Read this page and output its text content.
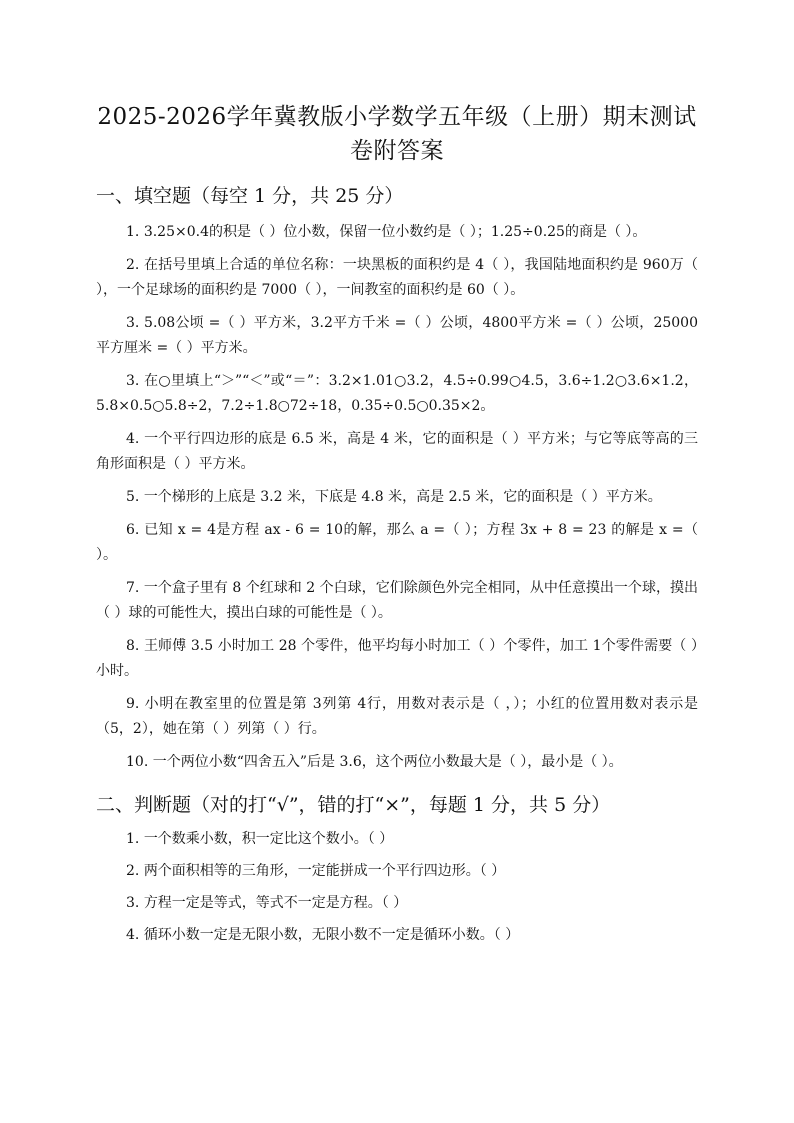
2025-2026学年冀教版小学数学五年级（上册）期末测试
卷附答案
一、填空题（每空 1 分，共 25 分）

1. 3.25×0.4的积是（ ）位小数，保留一位小数约是（ ）；1.25÷0.25的商是（ ）。

2. 在括号里填上合适的单位名称：一块黑板的面积约是 4（ ），我国陆地面积约是 960万（ ），一个足球场的面积约是 7000（ ），一间教室的面积约是 60（ ）。

3. 5.08公顷 =（ ）平方米，3.2平方千米 =（ ）公顷，4800平方米 =（ ）公顷，25000平方厘米 =（ ）平方米。

3. 在○里填上“＞”“＜”或“＝”：3.2×1.01○3.2，4.5÷0.99○4.5，3.6÷1.2○3.6×1.2，5.8×0.5○5.8÷2，7.2÷1.8○72÷18，0.35÷0.5○0.35×2。

4. 一个平行四边形的底是 6.5 米，高是 4 米，它的面积是（ ）平方米；与它等底等高的三角形面积是（ ）平方米。

5. 一个梯形的上底是 3.2 米，下底是 4.8 米，高是 2.5 米，它的面积是（ ）平方米。

6. 已知 x = 4是方程 ax - 6 = 10的解，那么 a =（ ）；方程 3x + 8 = 23 的解是 x =（ ）。

7. 一个盒子里有 8 个红球和 2 个白球，它们除颜色外完全相同，从中任意摸出一个球，摸出（ ）球的可能性大，摸出白球的可能性是（ ）。

8. 王师傅 3.5 小时加工 28 个零件，他平均每小时加工（ ）个零件，加工 1个零件需要（ ）小时。

9. 小明在教室里的位置是第 3列第 4行，用数对表示是（ ，）；小红的位置用数对表示是（5，2），她在第（ ）列第（ ）行。

10. 一个两位小数“四舍五入”后是 3.6，这个两位小数最大是（ ），最小是（ ）。

二、判断题（对的打“√”，错的打“×”，每题 1 分，共 5 分）

1. 一个数乘小数，积一定比这个数小。（ ）

2. 两个面积相等的三角形，一定能拼成一个平行四边形。（ ）

3. 方程一定是等式，等式不一定是方程。（ ）

4. 循环小数一定是无限小数，无限小数不一定是循环小数。（ ）
